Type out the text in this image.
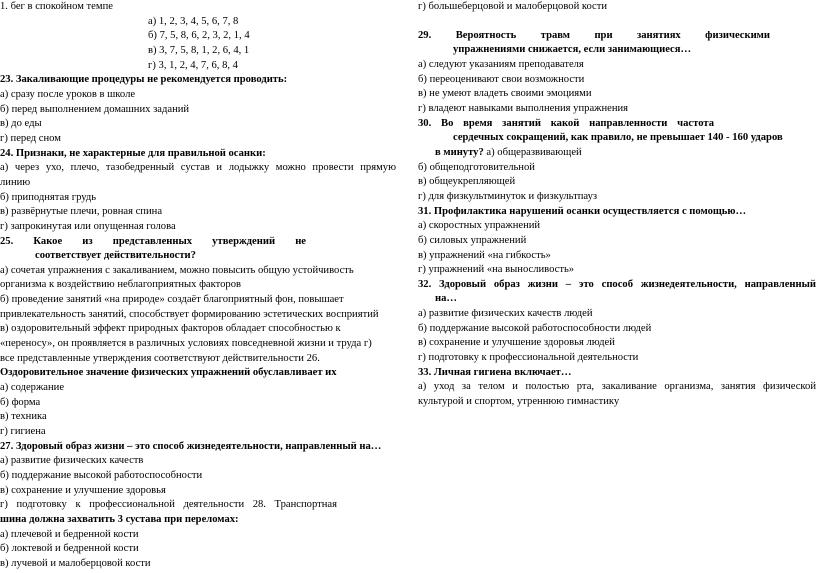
1. бег в спокойном темпе
а) 1, 2, 3, 4, 5, 6, 7, 8
б) 7, 5, 8, 6, 2, 3, 2, 1, 4
в) 3, 7, 5, 8, 1, 2, 6, 4, 1
г) 3, 1, 2, 4, 7, 6, 8, 4
23. Закаливающие процедуры не рекомендуется проводить:
а) сразу после уроков в школе
б) перед выполнением домашних заданий
в) до еды
г) перед сном
24. Признаки, не характерные для правильной осанки:
а) через ухо, плечо, тазобедренный сустав и лодыжку можно провести прямую
линию
б) приподнятая грудь
в) развёрнутые плечи, ровная спина
г) запрокинутая или опущенная голова
25. Какое из представленных утверждений не
соответствует действительности?
а) сочетая упражнения с закаливанием, можно повысить общую устойчивость
организма к воздействию неблагоприятных факторов
б) проведение занятий «на природе» создаёт благоприятный фон, повышает
привлекательность занятий, способствует формированию эстетических восприятий
в) оздоровительный эффект природных факторов обладает способностью к
«переносу», он проявляется в различных условиях повседневной жизни и труда г)
все представленные утверждения соответствуют действительности 26.
Оздоровительное значение физических упражнений обуславливает их
а) содержание
б) форма
в) техника
г) гигиена
27. Здоровый образ жизни – это способ жизнедеятельности, направленный на…
а) развитие физических качеств
б) поддержание высокой работоспособности
в) сохранение и улучшение здоровья
г) подготовку к профессиональной деятельности 28. Транспортная
шина должна захватить 3 сустава при переломах:
а) плечевой и бедренной кости
б) локтевой и бедренной кости
в) лучевой и малоберцовой кости
г) большеберцовой и малоберцовой кости
29. Вероятность травм при занятиях физическими
упражнениями снижается, если занимающиеся…
а) следуют указаниям преподавателя
б) переоценивают свои возможности
в) не умеют владеть своими эмоциями
г) владеют навыками выполнения упражнения
30. Во время занятий какой направленности частота
сердечных сокращений, как правило, не превышает 140 - 160 ударов
в минуту? а) общеразвивающей
б) общеподготовительной
в) общеукрепляющей
г) для физкультминуток и физкультпауз
31. Профилактика нарушений осанки осуществляется с помощью…
а) скоростных упражнений
б) силовых упражнений
в) упражнений «на гибкость»
г) упражнений «на выносливость»
32. Здоровый образ жизни – это способ жизнедеятельности, направленный
на…
а) развитие физических качеств людей
б) поддержание высокой работоспособности людей
в) сохранение и улучшение здоровья людей
г) подготовку к профессиональной деятельности
33. Личная гигиена включает…
а) уход за телом и полостью рта, закаливание организма, занятия физической
культурой и спортом, утреннюю гимнастику
